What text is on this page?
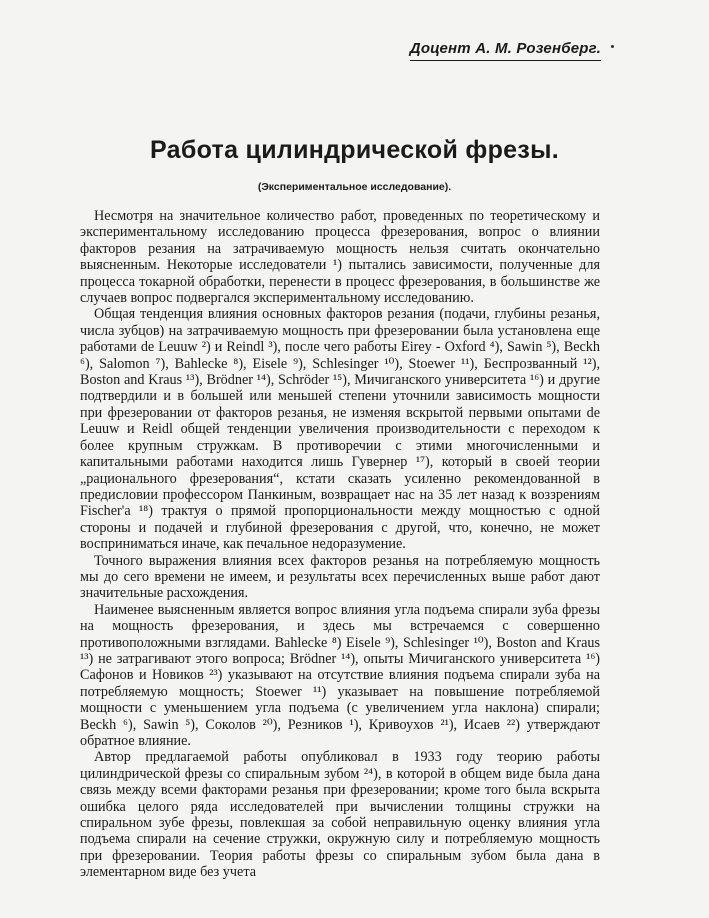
Доцент А. М. Розенберг.
Работа цилиндрической фрезы.
(Экспериментальное исследование).

Несмотря на значительное количество работ, проведенных по теоретическому и экспериментальному исследованию процесса фрезерования, вопрос о влиянии факторов резания на затрачиваемую мощность нельзя считать окончательно выясненным. Некоторые исследователи ¹) пытались зависимости, полученные для процесса токарной обработки, перенести в процесс фрезерования, в большинстве же случаев вопрос подвергался экспериментальному исследованию.

Общая тенденция влияния основных факторов резания (подачи, глубины резанья, числа зубцов) на затрачиваемую мощность при фрезеровании была установлена еще работами de Leuuw ²) и Reindl ³), после чего работы Eirey - Oxford ⁴), Sawin ⁵), Beckh ⁶), Salomon ⁷), Bahlecke ⁸), Eisele ⁹), Schlesinger ¹⁰), Stoewer ¹¹), Беспрозванный ¹²), Boston and Kraus ¹³), Brödner ¹⁴), Schröder ¹⁵), Мичиганского университета ¹⁶) и другие подтвердили и в большей или меньшей степени уточнили зависимость мощности при фрезеровании от факторов резанья, не изменяя вскрытой первыми опытами de Leuuw и Reidl общей тенденции увеличения производительности с переходом к более крупным стружкам. В противоречии с этими многочисленными и капитальными работами находится лишь Гувернер ¹⁷), который в своей теории „рационального фрезерования“, кстати сказать усиленно рекомендованной в предисловии профессором Панкиным, возвращает нас на 35 лет назад к воззрениям Fischer'a ¹⁸) трактуя о прямой пропорциональности между мощностью с одной стороны и подачей и глубиной фрезерования с другой, что, конечно, не может восприниматься иначе, как печальное недоразумение.

Точного выражения влияния всех факторов резанья на потребляемую мощность мы до сего времени не имеем, и результаты всех перечисленных выше работ дают значительные расхождения.

Наименее выясненным является вопрос влияния угла подъема спирали зуба фрезы на мощность фрезерования, и здесь мы встречаемся с совершенно противоположными взглядами. Bahlecke ⁸) Eisele ⁹), Schlesinger ¹⁰), Boston and Kraus ¹³) не затрагивают этого вопроса; Brödner ¹⁴), опыты Мичиганского университета ¹⁶) Сафонов и Новиков ²³) указывают на отсутствие влияния подъема спирали зуба на потребляемую мощность; Stoewer ¹¹) указывает на повышение потребляемой мощности с уменьшением угла подъема (с увеличением угла наклона) спирали; Beckh ⁶), Sawin ⁵), Соколов ²⁰), Резников ¹), Кривоухов ²¹), Исаев ²²) утверждают обратное влияние.

Автор предлагаемой работы опубликовал в 1933 году теорию работы цилиндрической фрезы со спиральным зубом ²⁴), в которой в общем виде была дана связь между всеми факторами резанья при фрезеровании; кроме того была вскрыта ошибка целого ряда исследователей при вычислении толщины стружки на спиральном зубе фрезы, повлекшая за собой неправильную оценку влияния угла подъема спирали на сечение стружки, окружную силу и потребляемую мощность при фрезеровании. Теория работы фрезы со спиральным зубом была дана в элементарном виде без учета
